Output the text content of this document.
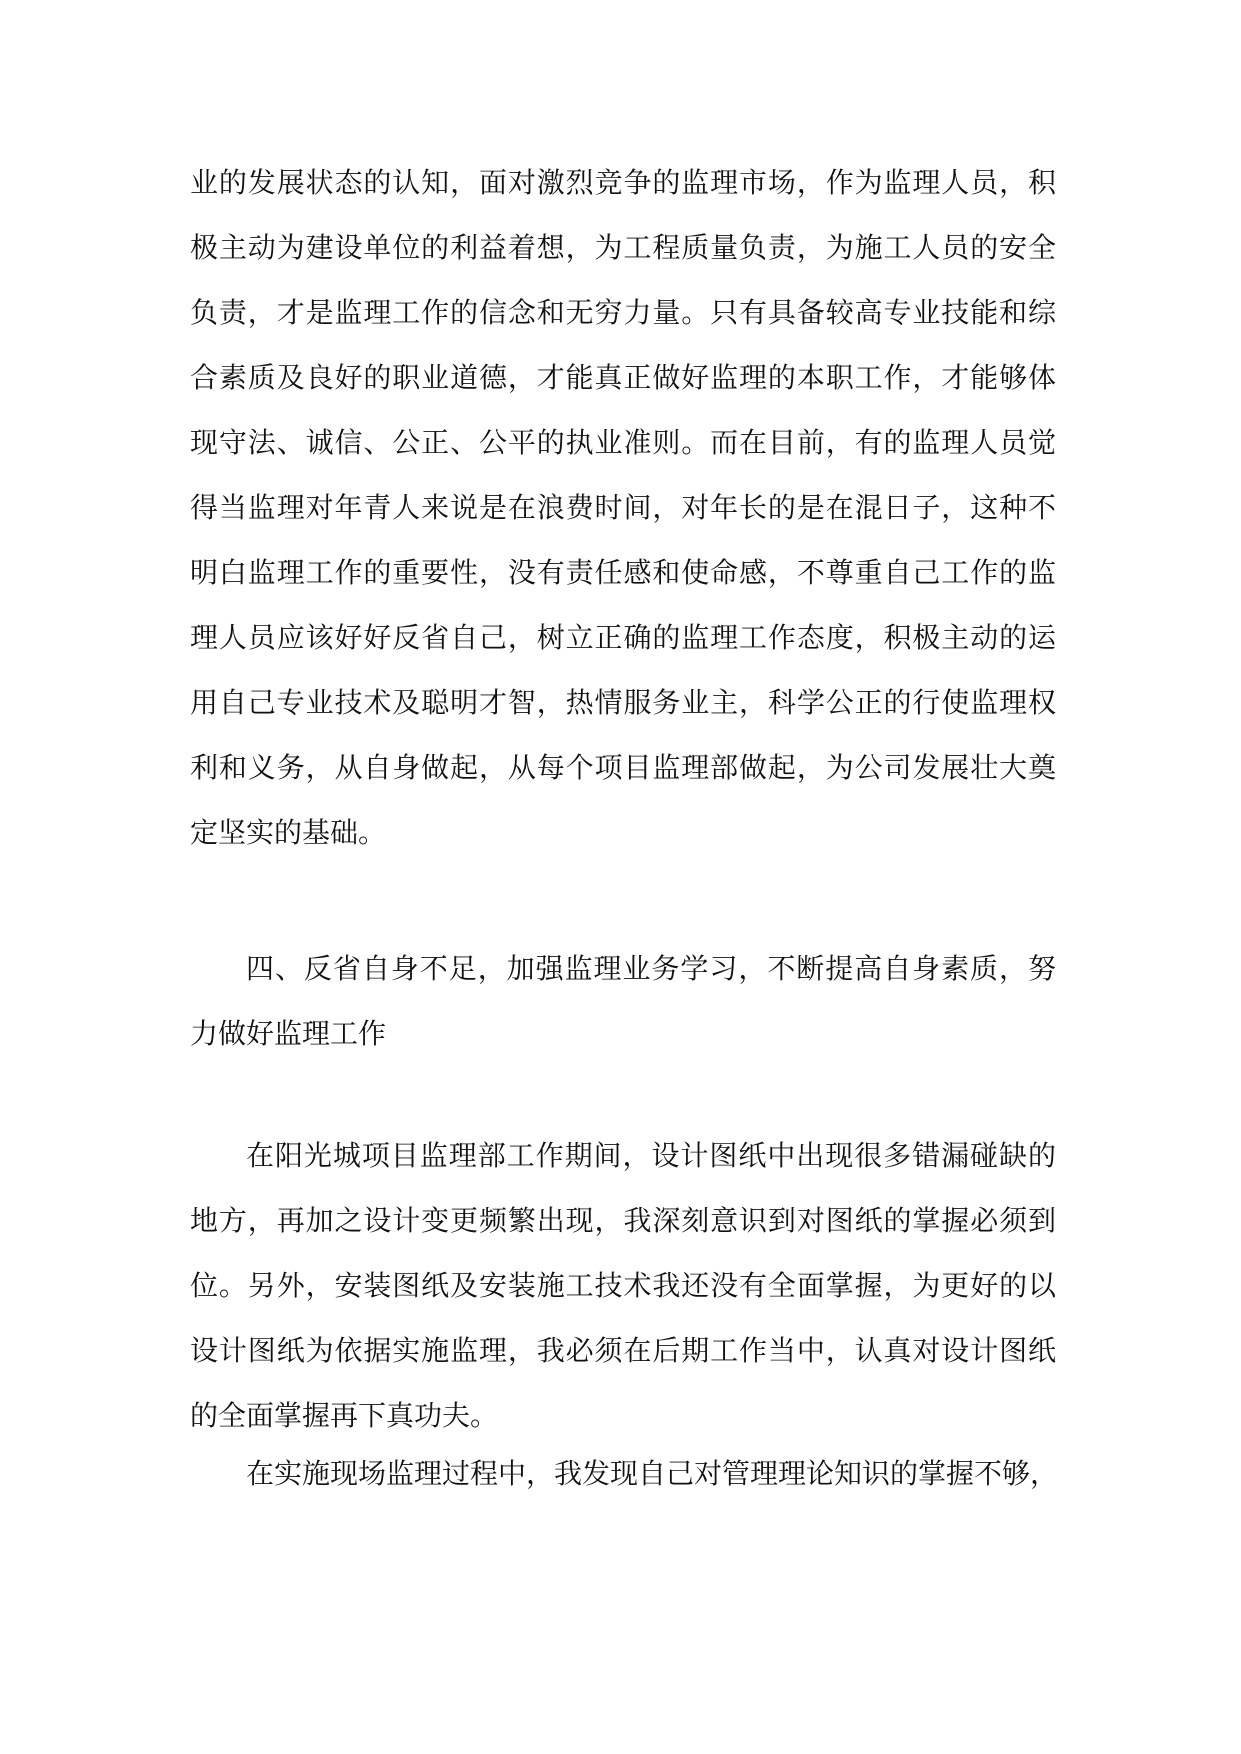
业的发展状态的认知，面对激烈竞争的监理市场，作为监理人员，积
极主动为建设单位的利益着想，为工程质量负责，为施工人员的安全
负责，才是监理工作的信念和无穷力量。只有具备较高专业技能和综
合素质及良好的职业道德，才能真正做好监理的本职工作，才能够体
现守法、诚信、公正、公平的执业准则。而在目前，有的监理人员觉
得当监理对年青人来说是在浪费时间，对年长的是在混日子，这种不
明白监理工作的重要性，没有责任感和使命感，不尊重自己工作的监
理人员应该好好反省自己，树立正确的监理工作态度，积极主动的运
用自己专业技术及聪明才智，热情服务业主，科学公正的行使监理权
利和义务，从自身做起，从每个项目监理部做起，为公司发展壮大奠
定坚实的基础。
四、反省自身不足，加强监理业务学习，不断提高自身素质，努
力做好监理工作
在阳光城项目监理部工作期间，设计图纸中出现很多错漏碰缺的
地方，再加之设计变更频繁出现，我深刻意识到对图纸的掌握必须到
位。另外，安装图纸及安装施工技术我还没有全面掌握，为更好的以
设计图纸为依据实施监理，我必须在后期工作当中，认真对设计图纸
的全面掌握再下真功夫。
在实施现场监理过程中，我发现自己对管理理论知识的掌握不够，
